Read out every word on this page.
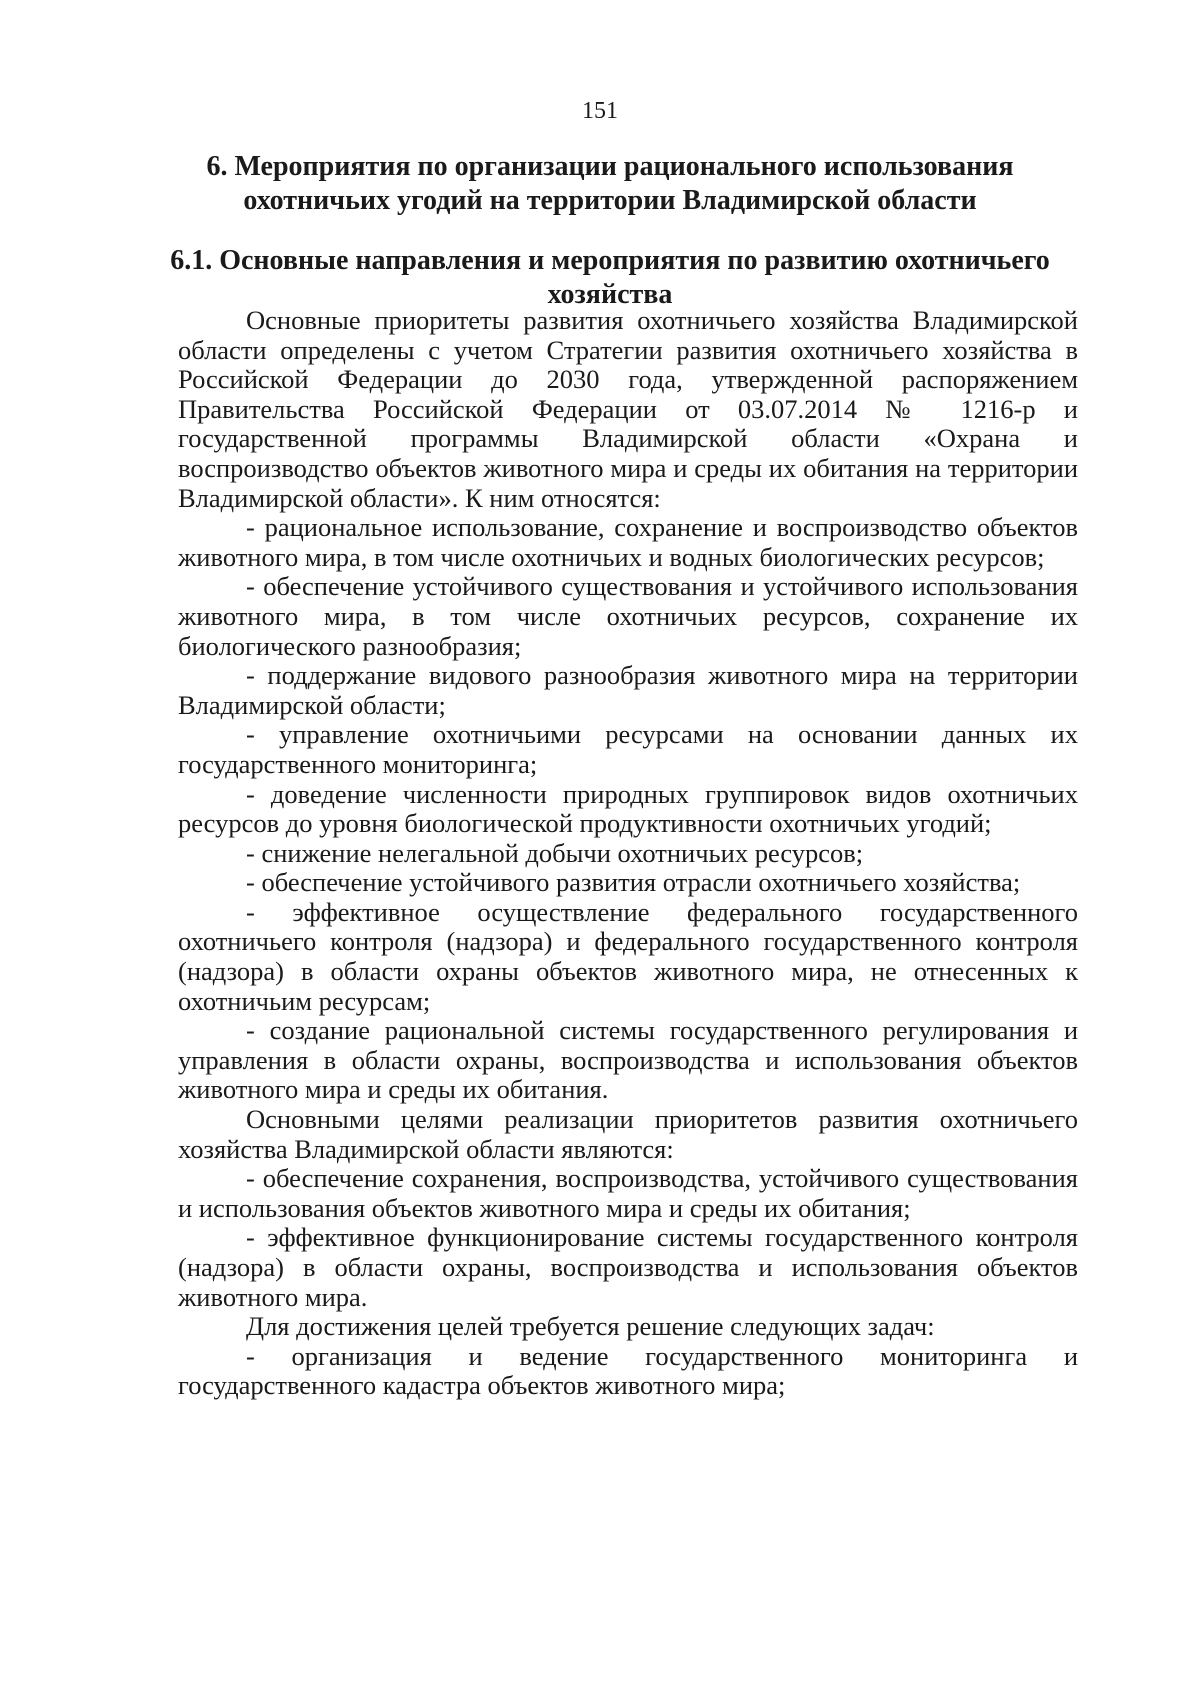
151
6. Мероприятия по организации рационального использования охотничьих угодий на территории Владимирской области
6.1. Основные направления и мероприятия по развитию охотничьего хозяйства

Основные приоритеты развития охотничьего хозяйства Владимирской области определены с учетом Стратегии развития охотничьего хозяйства в Российской Федерации до 2030 года, утвержденной распоряжением Правительства Российской Федерации от 03.07.2014 № 1216-р и государственной программы Владимирской области «Охрана и воспроизводство объектов животного мира и среды их обитания на территории Владимирской области». К ним относятся:

- рациональное использование, сохранение и воспроизводство объектов животного мира, в том числе охотничьих и водных биологических ресурсов;

- обеспечение устойчивого существования и устойчивого использования животного мира, в том числе охотничьих ресурсов, сохранение их биологического разнообразия;

- поддержание видового разнообразия животного мира на территории Владимирской области;

- управление охотничьими ресурсами на основании данных их государственного мониторинга;

- доведение численности природных группировок видов охотничьих ресурсов до уровня биологической продуктивности охотничьих угодий;

- снижение нелегальной добычи охотничьих ресурсов;

- обеспечение устойчивого развития отрасли охотничьего хозяйства;

- эффективное осуществление федерального государственного охотничьего контроля (надзора) и федерального государственного контроля (надзора) в области охраны объектов животного мира, не отнесенных к охотничьим ресурсам;

- создание рациональной системы государственного регулирования и управления в области охраны, воспроизводства и использования объектов животного мира и среды их обитания.

Основными целями реализации приоритетов развития охотничьего хозяйства Владимирской области являются:

- обеспечение сохранения, воспроизводства, устойчивого существования и использования объектов животного мира и среды их обитания;

- эффективное функционирование системы государственного контроля (надзора) в области охраны, воспроизводства и использования объектов животного мира.

Для достижения целей требуется решение следующих задач:

- организация и ведение государственного мониторинга и государственного кадастра объектов животного мира;
